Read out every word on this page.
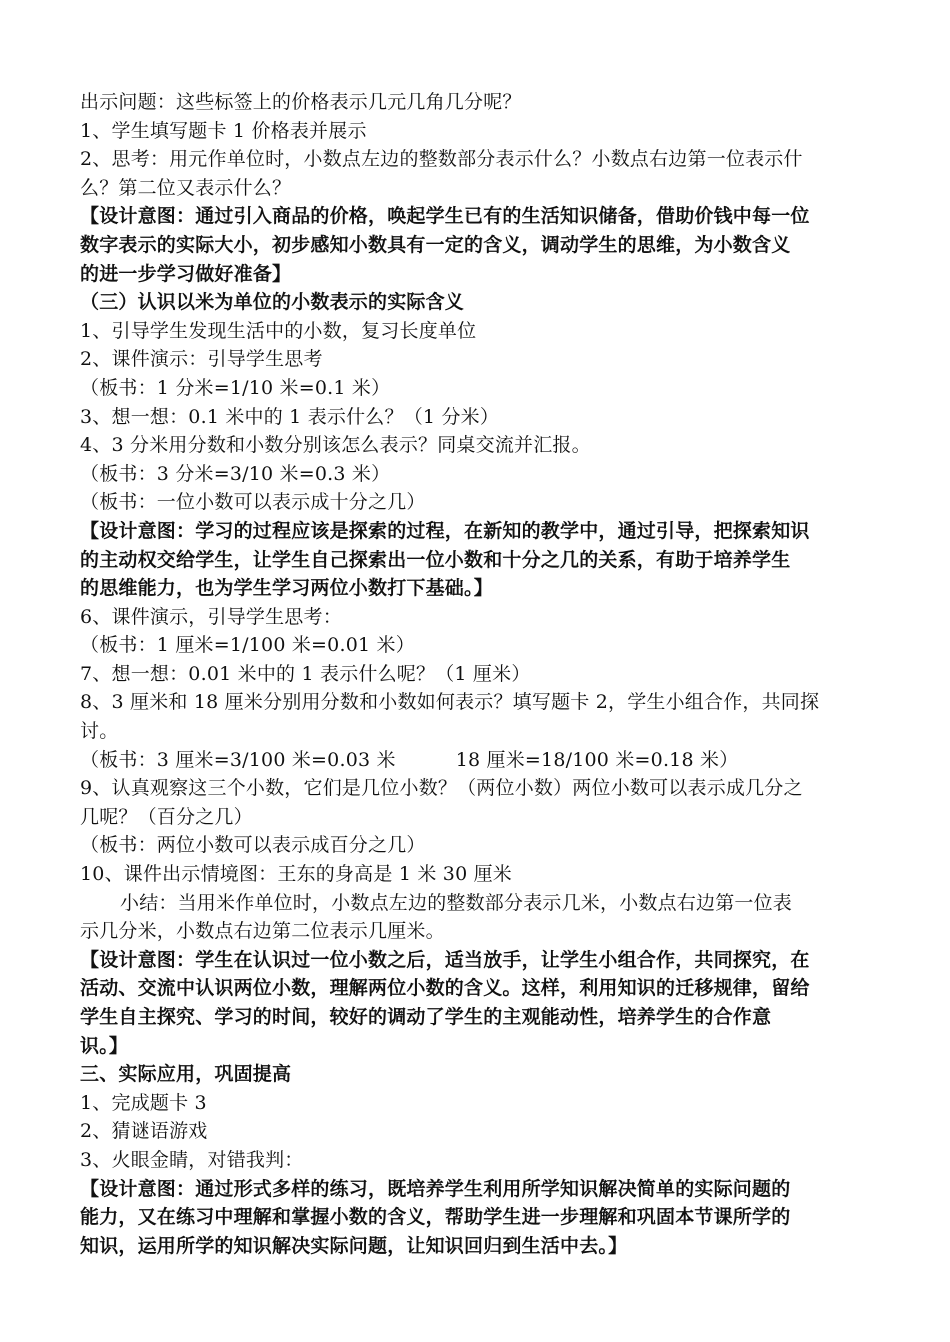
出示问题：这些标签上的价格表示几元几角几分呢？

1、学生填写题卡 1 价格表并展示

2、思考：用元作单位时，小数点左边的整数部分表示什么？小数点右边第一位表示什

么？第二位又表示什么？

【设计意图：通过引入商品的价格，唤起学生已有的生活知识储备，借助价钱中每一位

数字表示的实际大小，初步感知小数具有一定的含义，调动学生的思维，为小数含义

的进一步学习做好准备】

（三）认识以米为单位的小数表示的实际含义

1、引导学生发现生活中的小数，复习长度单位

2、课件演示：引导学生思考

（板书：1 分米=1/10 米=0.1 米）

3、想一想：0.1 米中的 1 表示什么？（1 分米）

4、3 分米用分数和小数分别该怎么表示？同桌交流并汇报。

（板书：3 分米=3/10 米=0.3 米）

（板书：一位小数可以表示成十分之几）

【设计意图：学习的过程应该是探索的过程，在新知的教学中，通过引导，把探索知识

的主动权交给学生，让学生自己探索出一位小数和十分之几的关系，有助于培养学生

的思维能力，也为学生学习两位小数打下基础。】

6、课件演示，引导学生思考：

（板书：1 厘米=1/100 米=0.01 米）

7、想一想：0.01 米中的 1 表示什么呢？（1 厘米）

8、3 厘米和 18 厘米分别用分数和小数如何表示？填写题卡 2，学生小组合作，共同探

讨。

（板书：3 厘米=3/100 米=0.03 米	18 厘米=18/100 米=0.18 米）

9、认真观察这三个小数，它们是几位小数？（两位小数）两位小数可以表示成几分之

几呢？（百分之几）

（板书：两位小数可以表示成百分之几）

10、课件出示情境图：王东的身高是 1 米 30 厘米

小结：当用米作单位时，小数点左边的整数部分表示几米，小数点右边第一位表

示几分米，小数点右边第二位表示几厘米。

【设计意图：学生在认识过一位小数之后，适当放手，让学生小组合作，共同探究，在

活动、交流中认识两位小数，理解两位小数的含义。这样，利用知识的迁移规律，留给

学生自主探究、学习的时间，较好的调动了学生的主观能动性，培养学生的合作意

识。】

三、实际应用，巩固提高

1、完成题卡 3

2、猜谜语游戏

3、火眼金睛，对错我判：

【设计意图：通过形式多样的练习，既培养学生利用所学知识解决简单的实际问题的

能力，又在练习中理解和掌握小数的含义，帮助学生进一步理解和巩固本节课所学的

知识，运用所学的知识解决实际问题，让知识回归到生活中去。】
